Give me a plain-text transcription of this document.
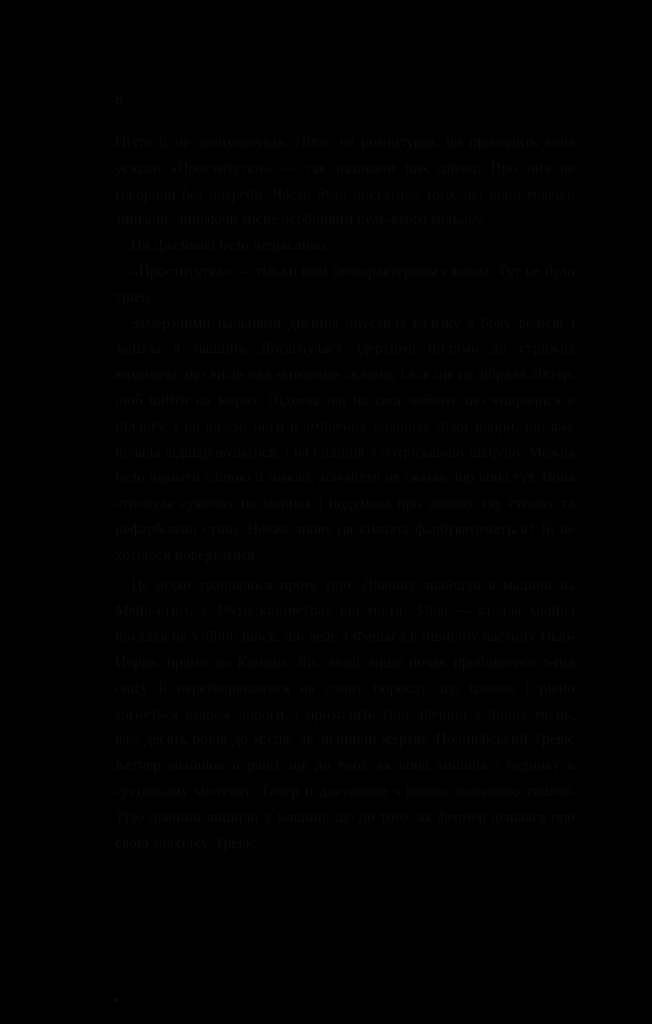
8

Ніхто й не звинувачував. Ніхто не розпитував, чи приходить вона усюди. «Проститутки» — так називали цих дівчат. Про них не говорили без потреби. Часто було достатньо того, що вони мовчки зникали, лишаючи місце особливим будь-якого кольору.

На Джейкові було нещасливо.

«Проститутка» — тільки цим безхарактерним словом. Тут не було тіней.

Замерзлими пальцями дівчина опустила валізку з боку водієві і залізла в машину. Дотягнулася здертими нігтями до стрижня вимикача, що висів над матовими склами, і все ще не зібрала ліхтар, щоб вийти на мороз. Підвела очі на свої чоботи, що впиралися в підлогу, і на власні ноги в зміщених холошах білої шкіри, що вже почала відшаровуватися, і на сидіння з потрісканою шкірою. Можна було вдавати сліпою й німою, аби ніхто не сказав, що вона тут. Вона стиснула сумочку на колінах і подумала про зимову злу стежку та нефарбовані стіни. Невже знову ця кімната фарбуватиметься? Їй не хотілося повертатися.

Це рідко траплялося проте тіло. Дівчину знайшли в машині на Мейн-стріт, у 16-ти кілометрах від міста. Зліва — стояла хвойна посадка на узбіччі шосе, що веде з Фенікса в північну частину Нью-Йорка, прямо до Канади. Ліс, який лише почав пробиватися з-під снігу й перетворюватися на сонну порослу, що плавно і рівно тягнеться вздовж дороги, і приходить тіло дівчини з інших місць, вже десять років до місця, де знайшли жертву. Поліцейський Тревіс Кетчер знайшов її рано, ще до того, як вона вийшла з будинку в сусідньому містечку. Тепер її доставили з новою холодною тишею. Тіло дівчини лишили у машині, ще до того, як фермер дізнався про свою знахідку. Тревіс.
